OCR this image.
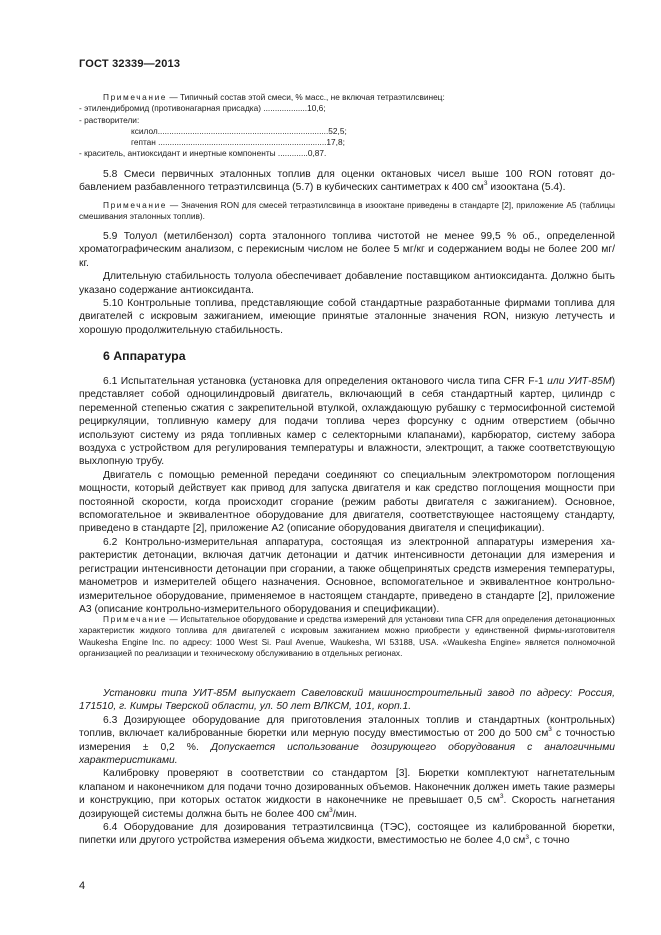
ГОСТ 32339—2013

Примечание — Типичный состав этой смеси, % масс., не включая тетраэтилсвинец:

- этилендибромид (противонагарная присадка) ...................10,6;

- растворители:

ксилол..........................................................................52,5;

гептан .........................................................................17,8;

- краситель, антиоксидант и инертные компоненты .............0,87.

5.8 Смеси первичных эталонных топлив для оценки октановых чисел выше 100 RON готовят добавлением разбавленного тетраэтилсвинца (5.7) в кубических сантиметрах к 400 $см^3$ изооктана (5.4).

Примечание — Значения RON для смесей тетраэтилсвинца в изооктане приведены в стандарте [2], приложение А5 (таблицы смешивания эталонных топлив).

5.9 Толуол (метилбензол) сорта эталонного топлива чистотой не менее 99,5 % об., определенной хроматографическим анализом, с перекисным числом не более 5 мг/кг и содержанием воды не более 200 мг/кг.

Длительную стабильность толуола обеспечивает добавление поставщиком антиоксиданта. Должно быть указано содержание антиоксиданта.

5.10 Контрольные топлива, представляющие собой стандартные разработанные фирмами топлива для двигателей с искровым зажиганием, имеющие принятые эталонные значения RON, низкую летучесть и хорошую продолжительную стабильность.

6 Аппаратура

6.1 Испытательная установка (установка для определения октанового числа типа CFR F-1 или УИТ-85М) представляет собой одноцилиндровый двигатель, включающий в себя стандартный картер, цилиндр с переменной степенью сжатия с закрепительной втулкой, охлаждающую рубашку с термосифонной системой рециркуляции, топливную камеру для подачи топлива через форсунку с одним отверстием (обычно используют систему из ряда топливных камер с селекторными клапанами), карбюратор, систему забора воздуха с устройством для регулирования температуры и влажности, электрощит, а также соответствующую выхлопную трубу.

Двигатель с помощью ременной передачи соединяют со специальным электромотором поглощения мощности, который действует как привод для запуска двигателя и как средство поглощения мощности при постоянной скорости, когда происходит сгорание (режим работы двигателя с зажиганием). Основное, вспомогательное и эквивалентное оборудование для двигателя, соответствующее настоящему стандарту, приведено в стандарте [2], приложение А2 (описание оборудования двигателя и спецификации).

6.2 Контрольно-измерительная аппаратура, состоящая из электронной аппаратуры измерения характеристик детонации, включая датчик детонации и датчик интенсивности детонации для измерения и регистрации интенсивности детонации при сгорании, а также общепринятых средств измерения температуры, манометров и измерителей общего назначения. Основное, вспомогательное и эквивалентное контрольно-измерительное оборудование, применяемое в настоящем стандарте, приведено в стандарте [2], приложение А3 (описание контрольно-измерительного оборудования и спецификации).

Примечание — Испытательное оборудование и средства измерений для установки типа CFR для определения детонационных характеристик жидкого топлива для двигателей с искровым зажиганием можно приобрести у единственной фирмы-изготовителя Waukesha Engine Inc. по адресу: 1000 West Si. Paul Avenue, Waukesha, WI 53188, USA. «Waukesha Engine» является полномочной организацией по реализации и техническому обслуживанию в отдельных регионах.

Установки типа УИТ-85М выпускает Савеловский машиностроительный завод по адресу: Россия, 171510, г. Кимры Тверской области, ул. 50 лет ВЛКСМ, 101, корп.1.

6.3 Дозирующее оборудование для приготовления эталонных топлив и стандартных (контрольных) топлив, включает калиброванные бюретки или мерную посуду вместимостью от 200 до 500 $см^3$ с точностью измерения ± 0,2 %. Допускается использование дозирующего оборудования с аналогичными характеристиками.

Калибровку проверяют в соответствии со стандартом [3]. Бюретки комплектуют нагнетательным клапаном и наконечником для подачи точно дозированных объемов. Наконечник должен иметь такие размеры и конструкцию, при которых остаток жидкости в наконечнике не превышает 0,5 $см^3$. Скорость нагнетания дозирующей системы должна быть не более 400 $см^3$/мин.

6.4 Оборудование для дозирования тетраэтилсвинца (ТЭС), состоящее из калиброванной бюретки, пипетки или другого устройства измерения объема жидкости, вместимостью не более 4,0 $см^3$, с точно

4
